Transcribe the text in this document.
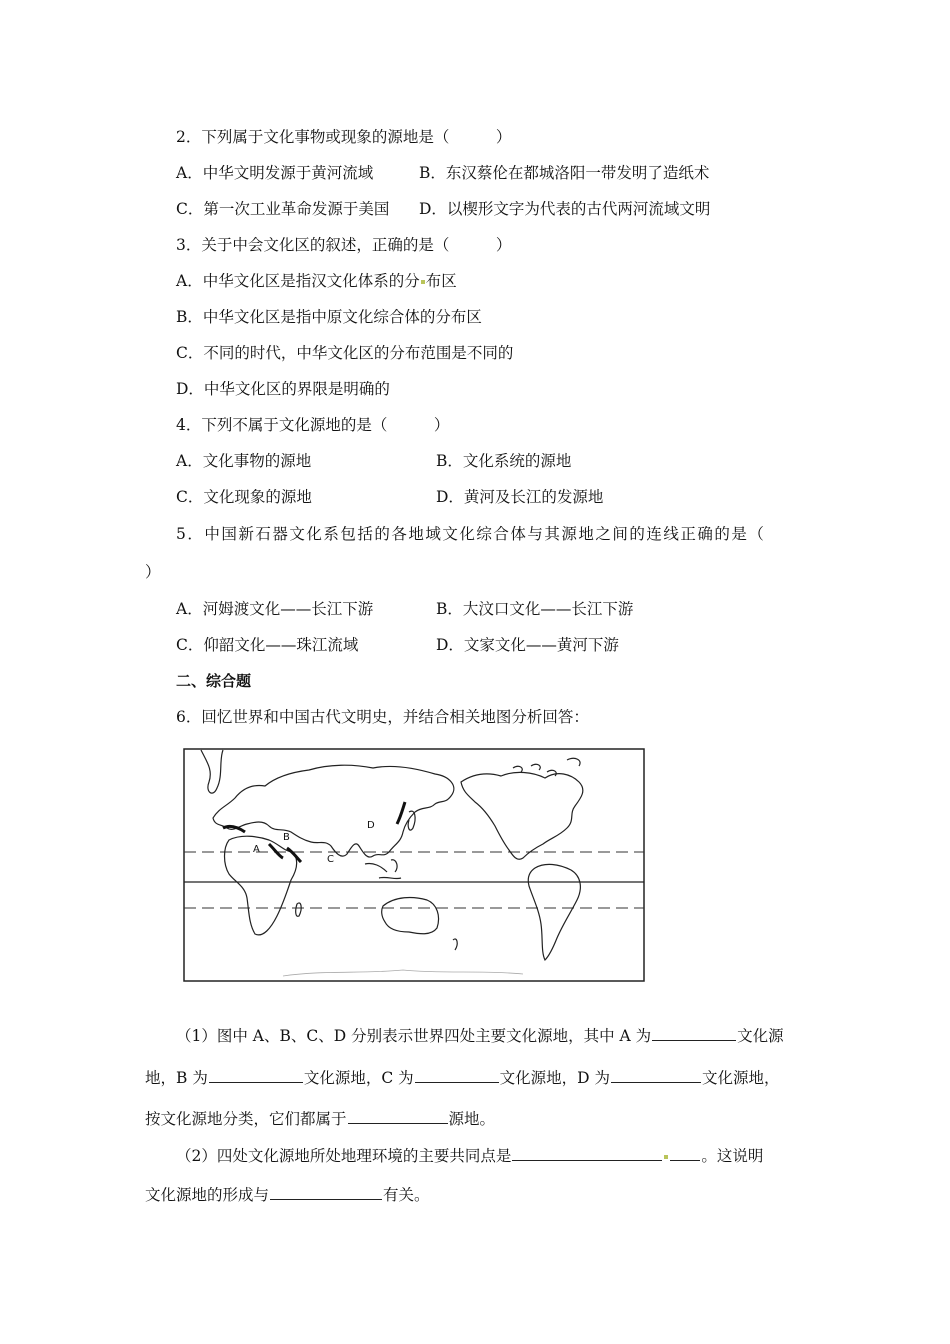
2．下列属于文化事物或现象的源地是（　　　）
A．中华文明发源于黄河流域	B．东汉蔡伦在都城洛阳一带发明了造纸术
C．第一次工业革命发源于美国 D．以楔形文字为代表的古代两河流域文明
3．关于中会文化区的叙述，正确的是（　　　）
A．中华文化区是指汉文化体系的分 布区
B．中华文化区是指中原文化综合体的分布区
C．不同的时代，中华文化区的分布范围是不同的
D．中华文化区的界限是明确的
4．下列不属于文化源地的是（　　　）
A．文化事物的源地	B．文化系统的源地
C．文化现象的源地	D．黄河及长江的发源地
5．中国新石器文化系包括的各地域文化综合体与其源地之间的连线正确的是（
）
A．河姆渡文化——长江下游	B．大汶口文化——长江下游
C．仰韶文化——珠江流域	D．文家文化——黄河下游
二、综合题
6．回忆世界和中国古代文明史，并结合相关地图分析回答：
A
B
C
D
（1）图中 A、B、C、D 分别表示世界四处主要文化源地，其中 A 为	文化源
地，B 为	文化源地，C 为	文化源地，D 为	文化源地，
按文化源地分类，它们都属于	源地。
（2）四处文化源地所处地理环境的主要共同点是	。这说明
文化源地的形成与	有关。
